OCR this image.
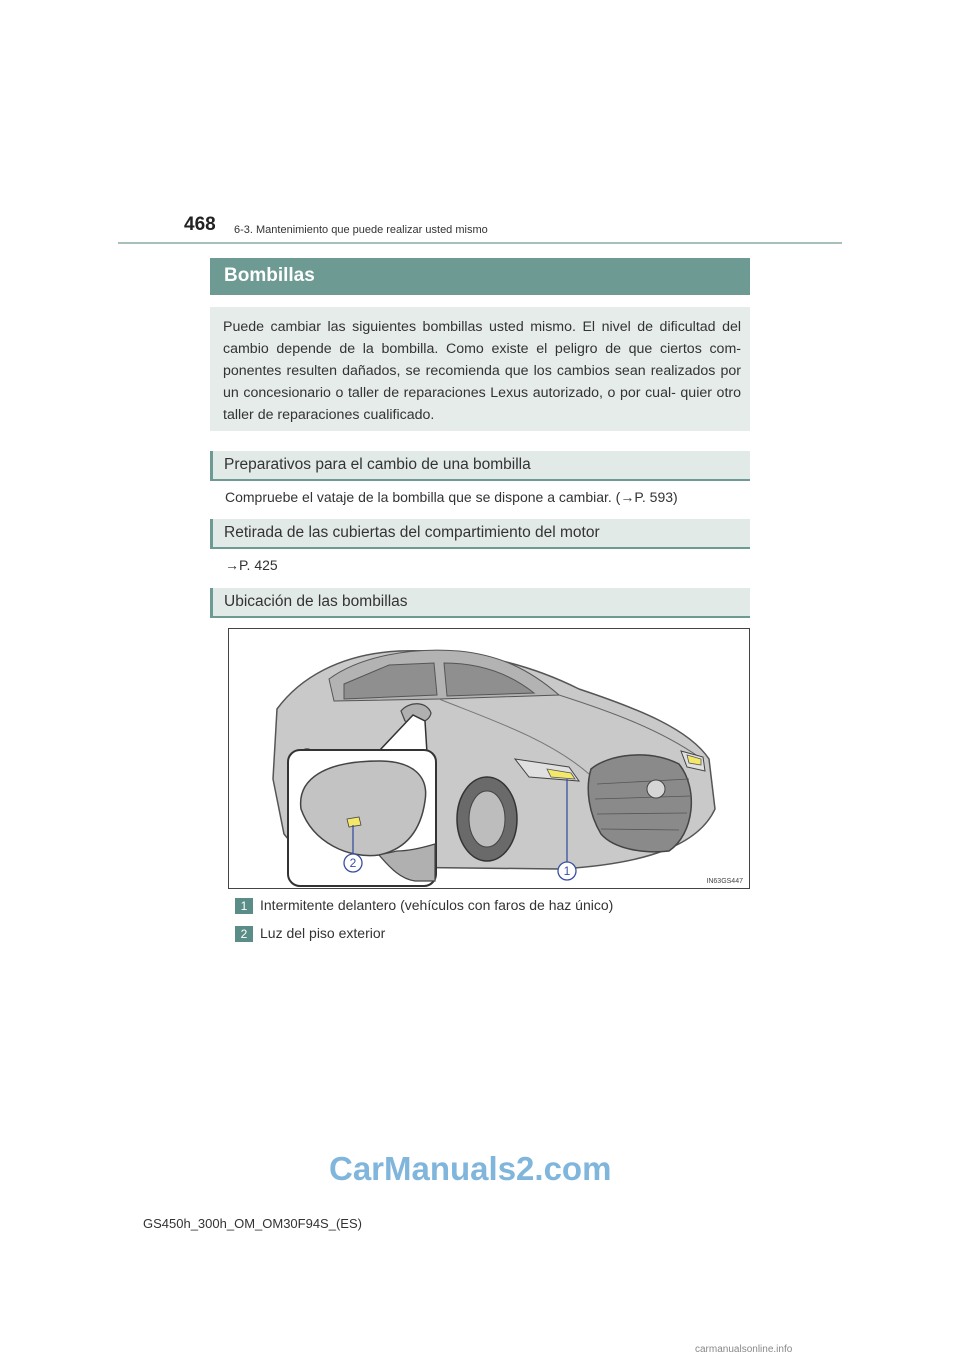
468 6-3. Mantenimiento que puede realizar usted mismo
Bombillas
Puede cambiar las siguientes bombillas usted mismo. El nivel de dificultad del cambio depende de la bombilla. Como existe el peligro de que ciertos com- ponentes resulten dañados, se recomienda que los cambios sean realizados por un concesionario o taller de reparaciones Lexus autorizado, o por cual- quier otro taller de reparaciones cualificado.
Preparativos para el cambio de una bombilla
Compruebe el vataje de la bombilla que se dispone a cambiar. (→P. 593)
Retirada de las cubiertas del compartimiento del motor
→P. 425
Ubicación de las bombillas
2
1
IN63GS447
1 Intermitente delantero (vehículos con faros de haz único)
2 Luz del piso exterior
CarManuals2.com
GS450h_300h_OM_OM30F94S_(ES)
carmanualsonline.info
